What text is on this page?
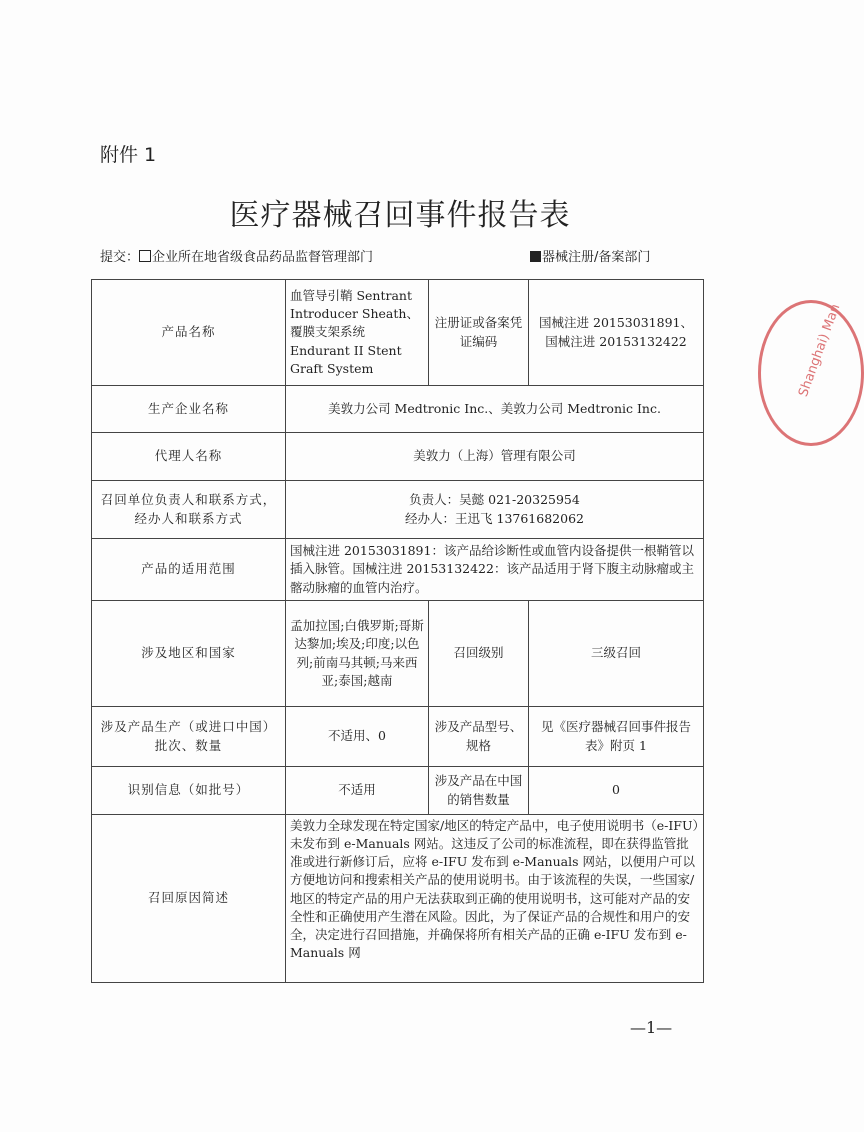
附件 1
医疗器械召回事件报告表
提交： 企业所在地省级食品药品监督管理部门	器械注册/备案部门
产品名称	血管导引鞘 Sentrant Introducer Sheath、覆膜支架系统 Endurant II Stent Graft System	注册证或备案凭证编码	国械注进 20153031891、国械注进 20153132422
生产企业名称	美敦力公司 Medtronic Inc.、美敦力公司 Medtronic Inc.		
代理人名称	美敦力（上海）管理有限公司		
召回单位负责人和联系方式，经办人和联系方式	负责人：吴懿 021-20325954
经办人：王迅飞 13761682062		

产品的适用范围	国械注进 20153031891：该产品给诊断性或血管内设备提供一根鞘管以插入脉管。国械注进 20153132422：该产品适用于肾下腹主动脉瘤或主髂动脉瘤的血管内治疗。		
涉及地区和国家	孟加拉国;白俄罗斯;哥斯达黎加;埃及;印度;以色列;前南马其顿;马来西亚;泰国;越南	召回级别	三级召回
涉及产品生产（或进口中国）批次、数量	不适用、0	涉及产品型号、规格	见《医疗器械召回事件报告表》附页 1
识别信息（如批号）	不适用	涉及产品在中国的销售数量	0
召回原因简述	美敦力全球发现在特定国家/地区的特定产品中，电子使用说明书（e-IFU）未发布到 e-Manuals 网站。这违反了公司的标准流程，即在获得监管批准或进行新修订后，应将 e-IFU 发布到 e-Manuals 网站，以便用户可以方便地访问和搜索相关产品的使用说明书。由于该流程的失误，一些国家/地区的特定产品的用户无法获取到正确的使用说明书，这可能对产品的安全性和正确使用产生潜在风险。因此，为了保证产品的合规性和用户的安全，决定进行召回措施，并确保将所有相关产品的正确 e-IFU 发布到 e-Manuals 网		
Shanghai) Man
—1—
